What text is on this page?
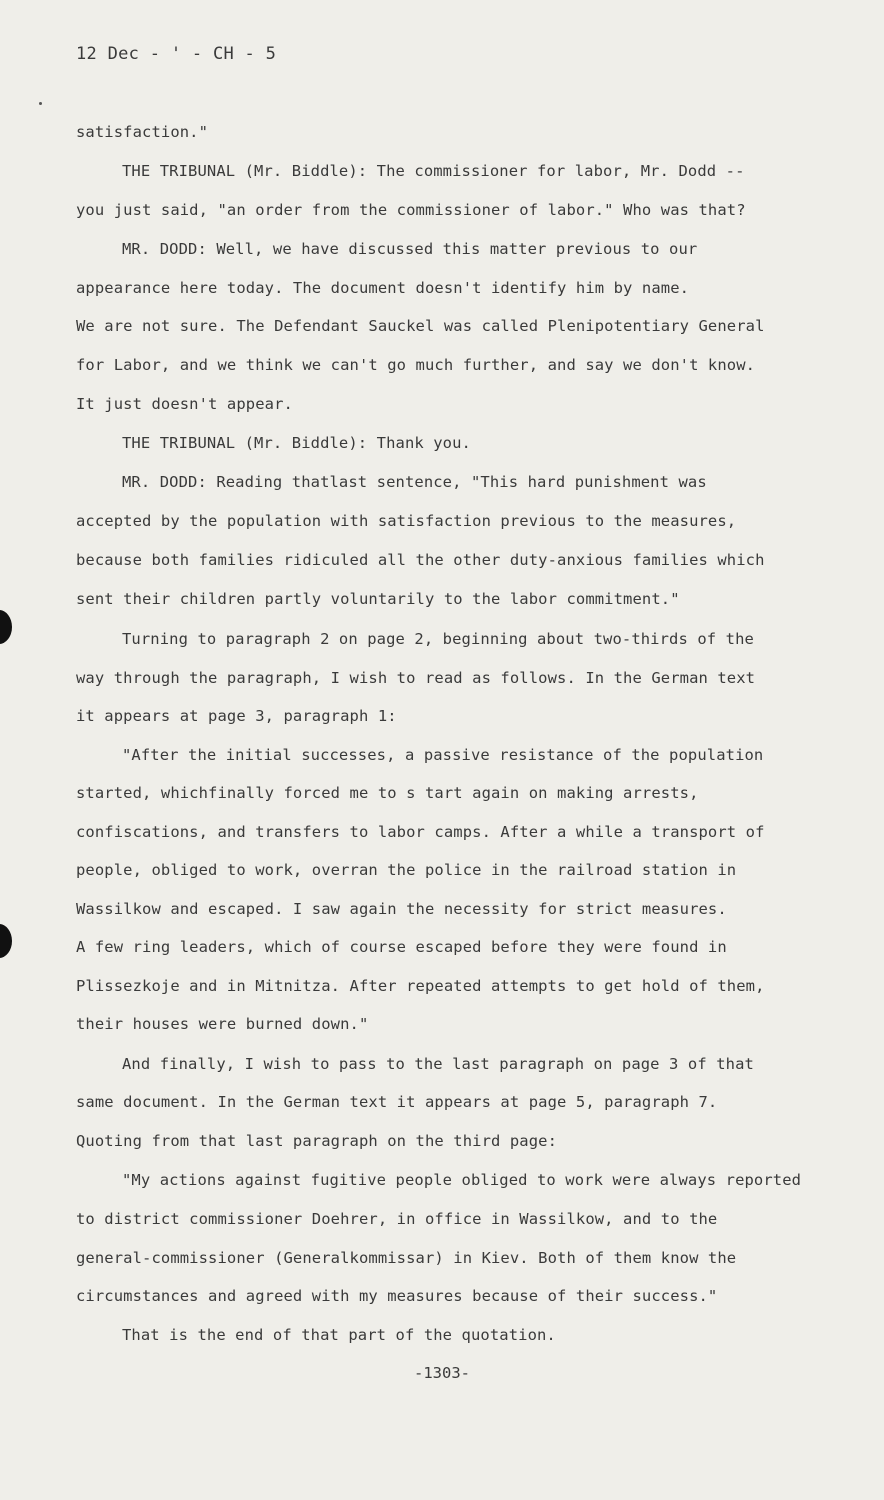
12 Dec - ' - CH - 5
satisfaction."
THE TRIBUNAL (Mr. Biddle): The commissioner for labor, Mr. Dodd --
you just said, "an order from the commissioner of labor." Who was that?
MR. DODD: Well, we have discussed this matter previous to our
appearance here today. The document doesn't identify him by name.
We are not sure. The Defendant Sauckel was called Plenipotentiary General
for Labor, and we think we can't go much further, and say we don't know.
It just doesn't appear.
THE TRIBUNAL (Mr. Biddle): Thank you.
MR. DODD: Reading thatlast sentence, "This hard punishment was
accepted by the population with satisfaction previous to the measures,
because both families ridiculed all the other duty-anxious families which
sent their children partly voluntarily to the labor commitment."
Turning to paragraph 2 on page 2, beginning about two-thirds of the
way through the paragraph, I wish to read as follows. In the German text
it appears at page 3, paragraph 1:
"After the initial successes, a passive resistance of the population
started, whichfinally forced me to s tart again on making arrests,
confiscations, and transfers to labor camps. After a while a transport of
people, obliged to work, overran the police in the railroad station in
Wassilkow and escaped. I saw again the necessity for strict measures.
A few ring leaders, which of course escaped before they were found in
Plissezkoje and in Mitnitza. After repeated attempts to get hold of them,
their houses were burned down."
And finally, I wish to pass to the last paragraph on page 3 of that
same document. In the German text it appears at page 5, paragraph 7.
Quoting from that last paragraph on the third page:
"My actions against fugitive people obliged to work were always reported
to district commissioner Doehrer, in office in Wassilkow, and to the
general-commissioner (Generalkommissar) in Kiev. Both of them know the
circumstances and agreed with my measures because of their success."
That is the end of that part of the quotation.
-1303-
